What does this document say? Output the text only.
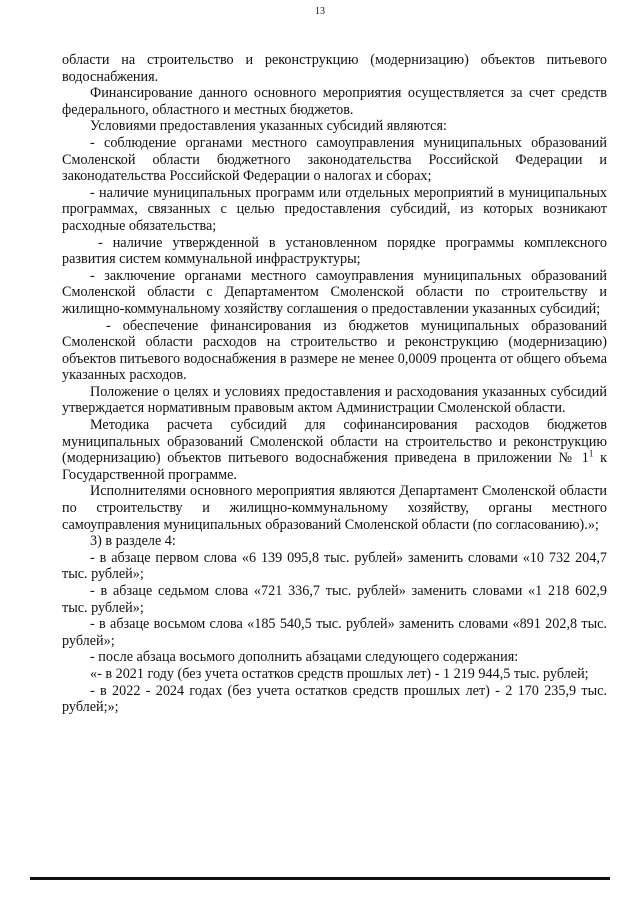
13

области на строительство и реконструкцию (модернизацию) объектов питьевого водоснабжения.

Финансирование данного основного мероприятия осуществляется за счет средств федерального, областного и местных бюджетов.

Условиями предоставления указанных субсидий являются:

- соблюдение органами местного самоуправления муниципальных образований Смоленской области бюджетного законодательства Российской Федерации и законодательства Российской Федерации о налогах и сборах;

- наличие муниципальных программ или отдельных мероприятий в муниципальных программах, связанных с целью предоставления субсидий, из которых возникают расходные обязательства;

- наличие утвержденной в установленном порядке программы комплексного развития систем коммунальной инфраструктуры;

- заключение органами местного самоуправления муниципальных образований Смоленской области с Департаментом Смоленской области по строительству и жилищно-коммунальному хозяйству соглашения о предоставлении указанных субсидий;

- обеспечение финансирования из бюджетов муниципальных образований Смоленской области расходов на строительство и реконструкцию (модернизацию) объектов питьевого водоснабжения в размере не менее 0,0009 процента от общего объема указанных расходов.

Положение о целях и условиях предоставления и расходования указанных субсидий утверждается нормативным правовым актом Администрации Смоленской области.

Методика расчета субсидий для софинансирования расходов бюджетов муниципальных образований Смоленской области на строительство и реконструкцию (модернизацию) объектов питьевого водоснабжения приведена в приложении № $1^1$ к Государственной программе.

Исполнителями основного мероприятия являются Департамент Смоленской области по строительству и жилищно-коммунальному хозяйству, органы местного самоуправления муниципальных образований Смоленской области (по согласованию).»;

3) в разделе 4:

- в абзаце первом слова «6 139 095,8 тыс. рублей» заменить словами «10 732 204,7 тыс. рублей»;

- в абзаце седьмом слова «721 336,7 тыс. рублей» заменить словами «1 218 602,9 тыс. рублей»;

- в абзаце восьмом слова «185 540,5 тыс. рублей» заменить словами «891 202,8 тыс. рублей»;

- после абзаца восьмого дополнить абзацами следующего содержания:

«- в 2021 году (без учета остатков средств прошлых лет) - 1 219 944,5 тыс. рублей;

- в 2022 - 2024 годах (без учета остатков средств прошлых лет) - 2 170 235,9 тыс. рублей;»;
